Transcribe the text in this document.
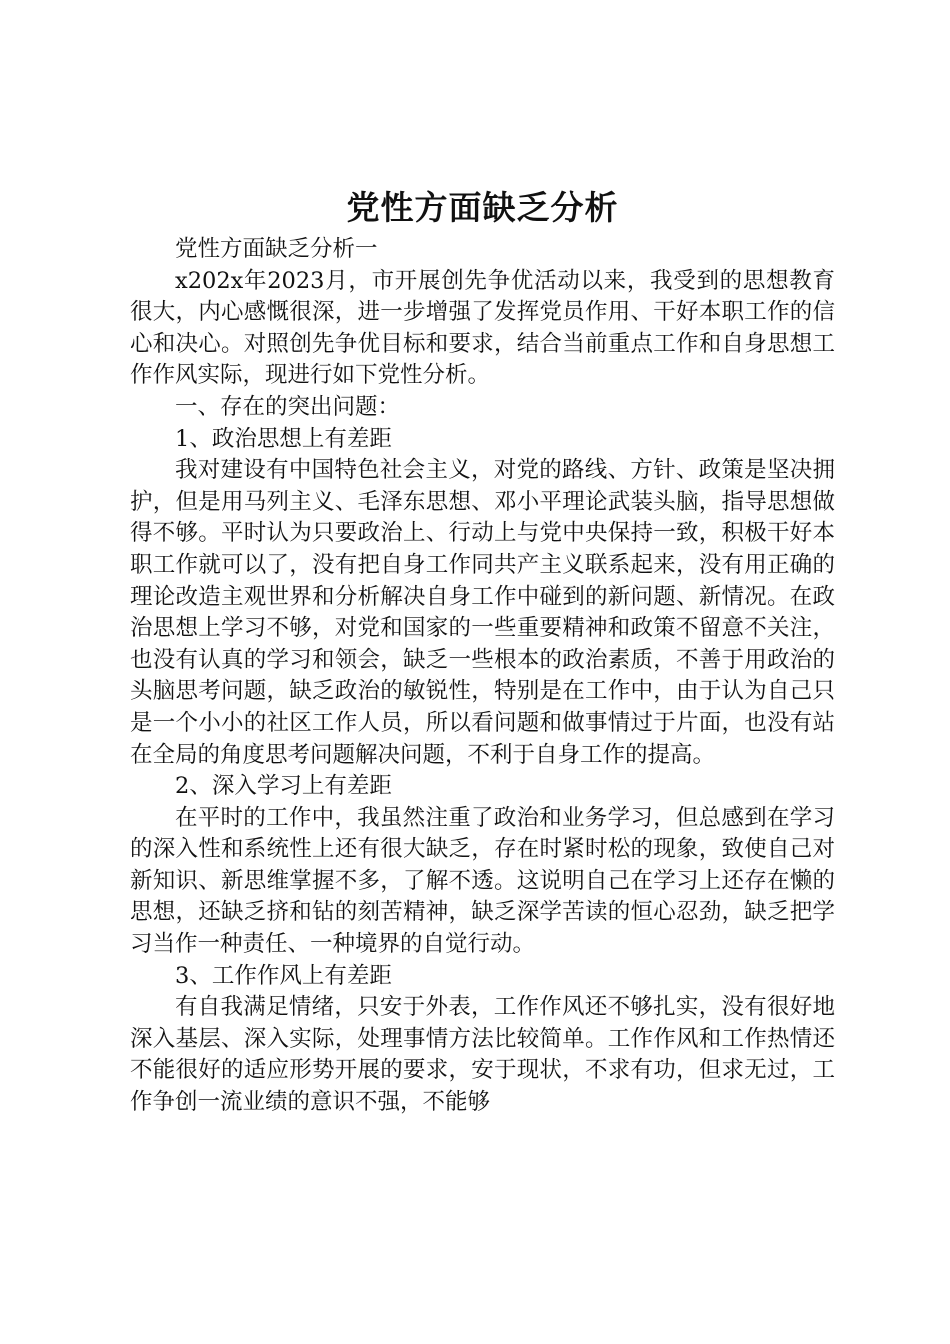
党性方面缺乏分析

党性方面缺乏分析一

x202x年2023月，市开展创先争优活动以来，我受到的思想教育很大，内心感慨很深，进一步增强了发挥党员作用、干好本职工作的信心和决心。对照创先争优目标和要求，结合当前重点工作和自身思想工作作风实际，现进行如下党性分析。

一、存在的突出问题：

1、政治思想上有差距

我对建设有中国特色社会主义，对党的路线、方针、政策是坚决拥护，但是用马列主义、毛泽东思想、邓小平理论武装头脑，指导思想做得不够。平时认为只要政治上、行动上与党中央保持一致，积极干好本职工作就可以了，没有把自身工作同共产主义联系起来，没有用正确的理论改造主观世界和分析解决自身工作中碰到的新问题、新情况。在政治思想上学习不够，对党和国家的一些重要精神和政策不留意不关注，也没有认真的学习和领会，缺乏一些根本的政治素质，不善于用政治的头脑思考问题，缺乏政治的敏锐性，特别是在工作中，由于认为自己只是一个小小的社区工作人员，所以看问题和做事情过于片面，也没有站在全局的角度思考问题解决问题，不利于自身工作的提高。

2、深入学习上有差距

在平时的工作中，我虽然注重了政治和业务学习，但总感到在学习的深入性和系统性上还有很大缺乏，存在时紧时松的现象，致使自己对新知识、新思维掌握不多，了解不透。这说明自己在学习上还存在懒的思想，还缺乏挤和钻的刻苦精神，缺乏深学苦读的恒心忍劲，缺乏把学习当作一种责任、一种境界的自觉行动。

3、工作作风上有差距

有自我满足情绪，只安于外表，工作作风还不够扎实，没有很好地深入基层、深入实际，处理事情方法比较简单。工作作风和工作热情还不能很好的适应形势开展的要求，安于现状，不求有功，但求无过，工作争创一流业绩的意识不强，不能够
